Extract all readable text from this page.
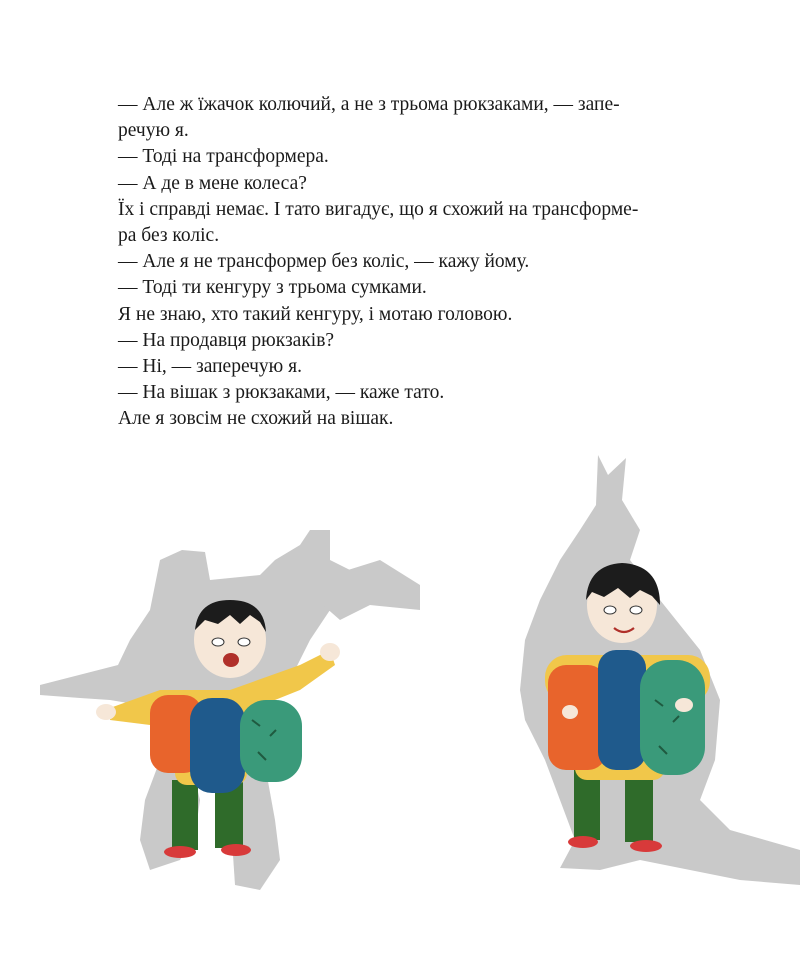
— Але ж їжачок колючий, а не з трьома рюкзаками, — запе-

речую я.

— Тоді на трансформера.

— А де в мене колеса?

Їх і справді немає. І тато вигадує, що я схожий на трансформе-

ра без коліс.

— Але я не трансформер без коліс, — кажу йому.

— Тоді ти кенгуру з трьома сумками.

Я не знаю, хто такий кенгуру, і мотаю головою.

— На продавця рюкзаків?

— Ні, — заперечую я.

— На вішак з рюкзаками, — каже тато.

Але я зовсім не схожий на вішак.
